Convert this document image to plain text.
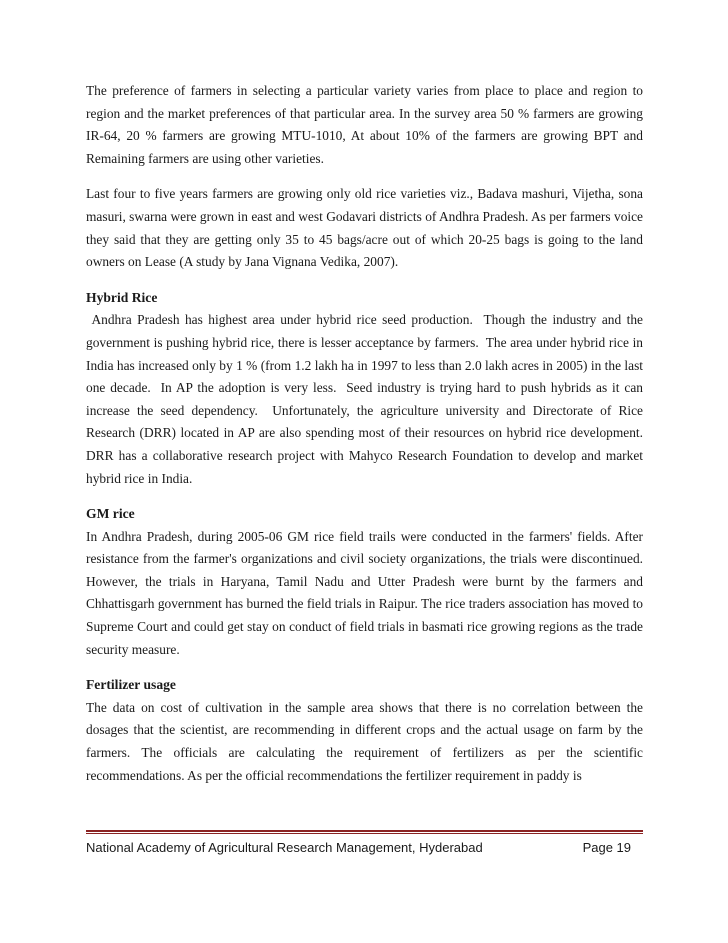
The preference of farmers in selecting a particular variety varies from place to place and region to region and the market preferences of that particular area. In the survey area 50 % farmers are growing IR-64, 20 % farmers are growing MTU-1010, At about 10% of the farmers are growing BPT and Remaining farmers are using other varieties.

Last four to five years farmers are growing only old rice varieties viz., Badava mashuri, Vijetha, sona masuri, swarna were grown in east and west Godavari districts of Andhra Pradesh. As per farmers voice they said that they are getting only 35 to 45 bags/acre out of which 20-25 bags is going to the land owners on Lease (A study by Jana Vignana Vedika, 2007).

Hybrid Rice

Andhra Pradesh has highest area under hybrid rice seed production.  Though the industry and the government is pushing hybrid rice, there is lesser acceptance by farmers.  The area under hybrid rice in India has increased only by 1 % (from 1.2 lakh ha in 1997 to less than 2.0 lakh acres in 2005) in the last one decade.  In AP the adoption is very less.  Seed industry is trying hard to push hybrids as it can increase the seed dependency.  Unfortunately, the agriculture university and Directorate of Rice Research (DRR) located in AP are also spending most of their resources on hybrid rice development.   DRR has a collaborative research project with Mahyco Research Foundation to develop and market hybrid rice in India.

GM rice

In Andhra Pradesh, during 2005-06 GM rice field trails were conducted in the farmers' fields. After resistance from the farmer's organizations and civil society organizations, the trials were discontinued. However, the trials in Haryana, Tamil Nadu and Utter Pradesh were burnt by the farmers and Chhattisgarh government has burned the field trials in Raipur. The rice traders association has moved to Supreme Court and could get stay on conduct of field trials in basmati rice growing regions as the trade security measure.

Fertilizer usage

The data on cost of cultivation in the sample area shows that there is no correlation between the dosages that the scientist, are recommending in different crops and the actual usage on farm by the farmers. The officials are calculating the requirement of fertilizers as per the scientific recommendations. As per the official recommendations the fertilizer requirement in paddy is

National Academy of Agricultural Research Management, Hyderabad	Page 19
